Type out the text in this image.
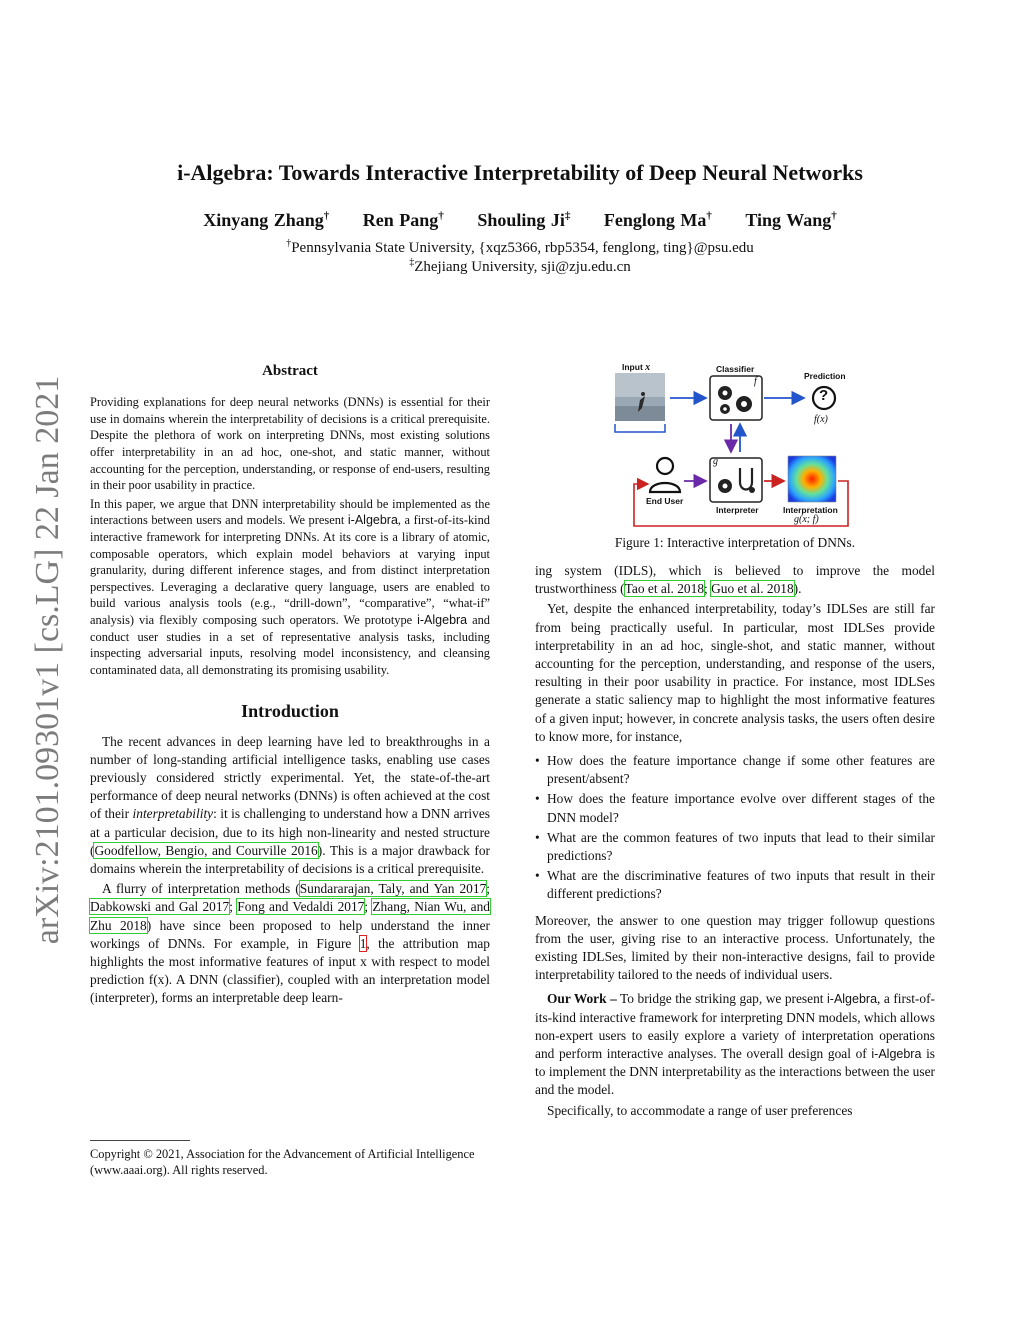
arXiv:2101.09301v1 [cs.LG] 22 Jan 2021
i-Algebra: Towards Interactive Interpretability of Deep Neural Networks
Xinyang Zhang† Ren Pang† Shouling Ji‡ Fenglong Ma† Ting Wang†
†Pennsylvania State University, {xqz5366, rbp5354, fenglong, ting}@psu.edu
‡Zhejiang University, sji@zju.edu.cn
Abstract

Providing explanations for deep neural networks (DNNs) is essential for their use in domains wherein the interpretability of decisions is a critical prerequisite. Despite the plethora of work on interpreting DNNs, most existing solutions offer interpretability in an ad hoc, one-shot, and static manner, without accounting for the perception, understanding, or response of end-users, resulting in their poor usability in practice.

In this paper, we argue that DNN interpretability should be implemented as the interactions between users and models. We present i-Algebra, a first-of-its-kind interactive framework for interpreting DNNs. At its core is a library of atomic, composable operators, which explain model behaviors at varying input granularity, during different inference stages, and from distinct interpretation perspectives. Leveraging a declarative query language, users are enabled to build various analysis tools (e.g., “drill-down”, “comparative”, “what-if” analysis) via flexibly composing such operators. We prototype i-Algebra and conduct user studies in a set of representative analysis tasks, including inspecting adversarial inputs, resolving model inconsistency, and cleansing contaminated data, all demonstrating its promising usability.

Introduction

The recent advances in deep learning have led to breakthroughs in a number of long-standing artificial intelligence tasks, enabling use cases previously considered strictly experimental. Yet, the state-of-the-art performance of deep neural networks (DNNs) is often achieved at the cost of their interpretability: it is challenging to understand how a DNN arrives at a particular decision, due to its high non-linearity and nested structure (Goodfellow, Bengio, and Courville 2016). This is a major drawback for domains wherein the interpretability of decisions is a critical prerequisite.

A flurry of interpretation methods (Sundararajan, Taly, and Yan 2017; Dabkowski and Gal 2017; Fong and Vedaldi 2017; Zhang, Nian Wu, and Zhu 2018) have since been proposed to help understand the inner workings of DNNs. For example, in Figure 1, the attribution map highlights the most informative features of input x with respect to model prediction f(x). A DNN (classifier), coupled with an interpretation model (interpreter), forms an interpretable deep learn-

Copyright © 2021, Association for the Advancement of Artificial Intelligence (www.aaai.org). All rights reserved.
Input x	Classifier
f	Prediction
?
f(x)
g
End User
Interpreter	Interpretation
g(x; f)
Figure 1: Interactive interpretation of DNNs.

ing system (IDLS), which is believed to improve the model trustworthiness (Tao et al. 2018; Guo et al. 2018).

Yet, despite the enhanced interpretability, today’s IDLSes are still far from being practically useful. In particular, most IDLSes provide interpretability in an ad hoc, single-shot, and static manner, without accounting for the perception, understanding, and response of the users, resulting in their poor usability in practice. For instance, most IDLSes generate a static saliency map to highlight the most informative features of a given input; however, in concrete analysis tasks, the users often desire to know more, for instance,

• How does the feature importance change if some other features are present/absent?
• How does the feature importance evolve over different stages of the DNN model?
• What are the common features of two inputs that lead to their similar predictions?
• What are the discriminative features of two inputs that result in their different predictions?

Moreover, the answer to one question may trigger followup questions from the user, giving rise to an interactive process. Unfortunately, the existing IDLSes, limited by their non-interactive designs, fail to provide interpretability tailored to the needs of individual users.

Our Work – To bridge the striking gap, we present i-Algebra, a first-of-its-kind interactive framework for interpreting DNN models, which allows non-expert users to easily explore a variety of interpretation operations and perform interactive analyses. The overall design goal of i-Algebra is to implement the DNN interpretability as the interactions between the user and the model.

Specifically, to accommodate a range of user preferences
